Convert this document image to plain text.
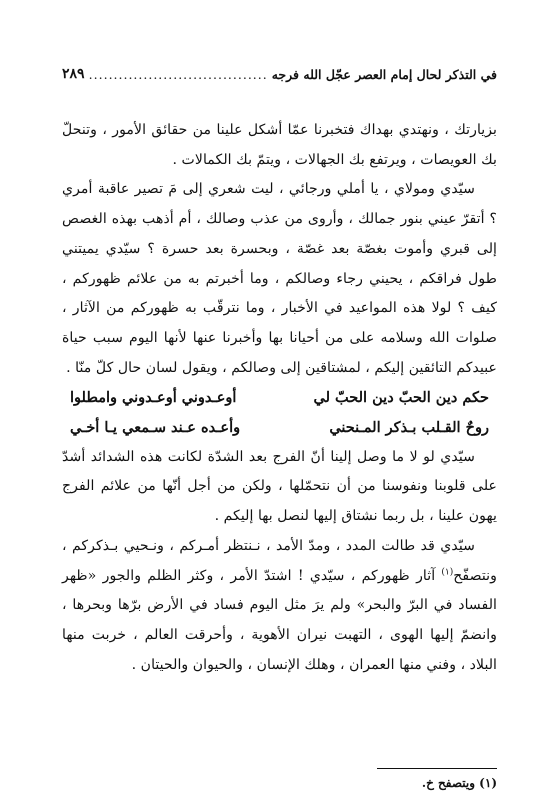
في التذكر لحال إمام العصر عجّل الله فرجه
.....
٢٨٩

بزيارتك ، ونهتدي بهداك فتخبرنا عمّا أشكل علينا من حقائق الأمور ، وتنحلّ بك العويصات ، ويرتفع بك الجهالات ، ويتمّ بك الكمالات .

سيّدي ومولاي ، يا أملي ورجائي ، ليت شعري إلى مَ تصير عاقبة أمري ؟ أتقرّ عيني بنور جمالك ، وأروى من عذب وصالك ، أم أذهب بهذه الغصص إلى قبري وأموت بغصّة بعد غصّة ، وبحسرة بعد حسرة ؟ سيّدي يميتني طول فراقكم ، يحيني رجاء وصالكم ، وما أخبرتم به من علائم ظهوركم ، كيف ؟ لولا هذه المواعيد في الأخبار ، وما نترقّب به ظهوركم من الآثار ، صلوات الله وسلامه على من أحيانا بها وأخبرنا عنها لأنها اليوم سبب حياة عبيدكم التائقين إليكم ، لمشتاقين إلى وصالكم ، ويقول لسان حال كلّ منّا .

حكم دين الحبّ دين الحبّ لي
أوعـدوني أوعـدوني وامطلوا
روحٌ القـلب بـذكر المـنحني
وأعـده عـند سـمعي يـا أخـي

سيّدي لو لا ما وصل إلينا أنّ الفرج بعد الشدّة لكانت هذه الشدائد أشدّ على قلوبنا ونفوسنا من أن نتحمّلها ، ولكن من أجل أنّها من علائم الفرج يهون علينا ، بل ربما نشتاق إليها لنصل بها إليكم .

سيّدي قد طالت المدد ، ومدّ الأمد ، نـنتظر أمـركم ، ونـحيي بـذكركم ، ونتصفّح$^{(١)}$ آثار ظهوركم ، سيّدي ! اشتدّ الأمر ، وكثر الظلم والجور «ظهر الفساد في البرّ والبحر» ولم يرَ مثل اليوم فساد في الأرض برّها وبحرها ، وانضمّ إليها الهوى ، التهبت نيران الأهوية ، وأحرقت العالم ، خربت منها البلاد ، وفني منها العمران ، وهلك الإنسان ، والحيوان والحيتان .

(١) ويتصفح خ.
